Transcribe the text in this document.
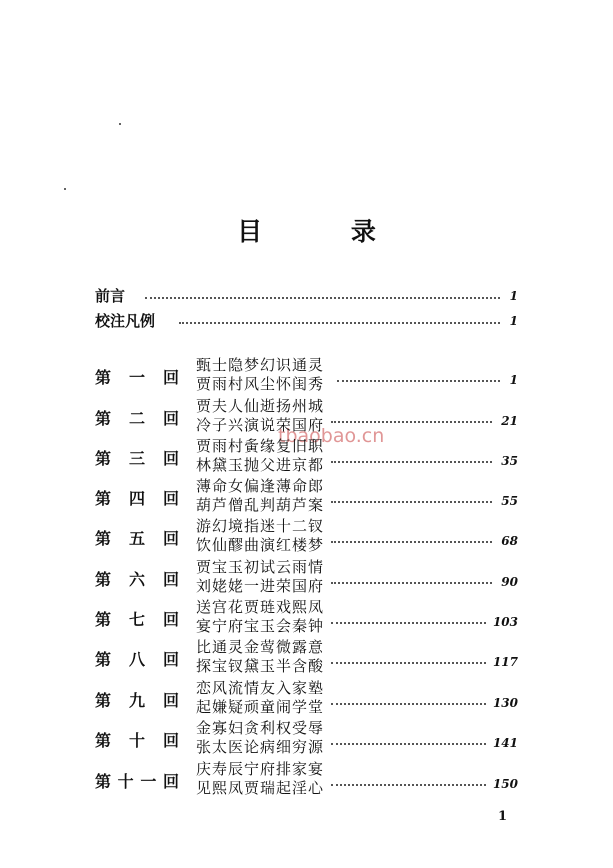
目 录
tbaobao.cn
前言	1
校注凡例	1
第 一 回
甄士隐梦幻识通灵
贾雨村风尘怀闺秀	1
第 二 回
贾夫人仙逝扬州城
冷子兴演说荣国府	21
第 三 回
贾雨村夤缘复旧职
林黛玉抛父进京都	35
第 四 回
薄命女偏逢薄命郎
葫芦僧乱判葫芦案	55
第 五 回
游幻境指迷十二钗
饮仙醪曲演红楼梦	68
第 六 回
贾宝玉初试云雨情
刘姥姥一进荣国府	90
第 七 回
送宫花贾琏戏熙凤
宴宁府宝玉会秦钟	103
第 八 回
比通灵金莺微露意
探宝钗黛玉半含酸	117
第 九 回
恋风流情友入家塾
起嫌疑顽童闹学堂	130
第 十 回
金寡妇贪利权受辱
张太医论病细穷源	141
第 十 一 回
庆寿辰宁府排家宴
见熙凤贾瑞起淫心	150
1
